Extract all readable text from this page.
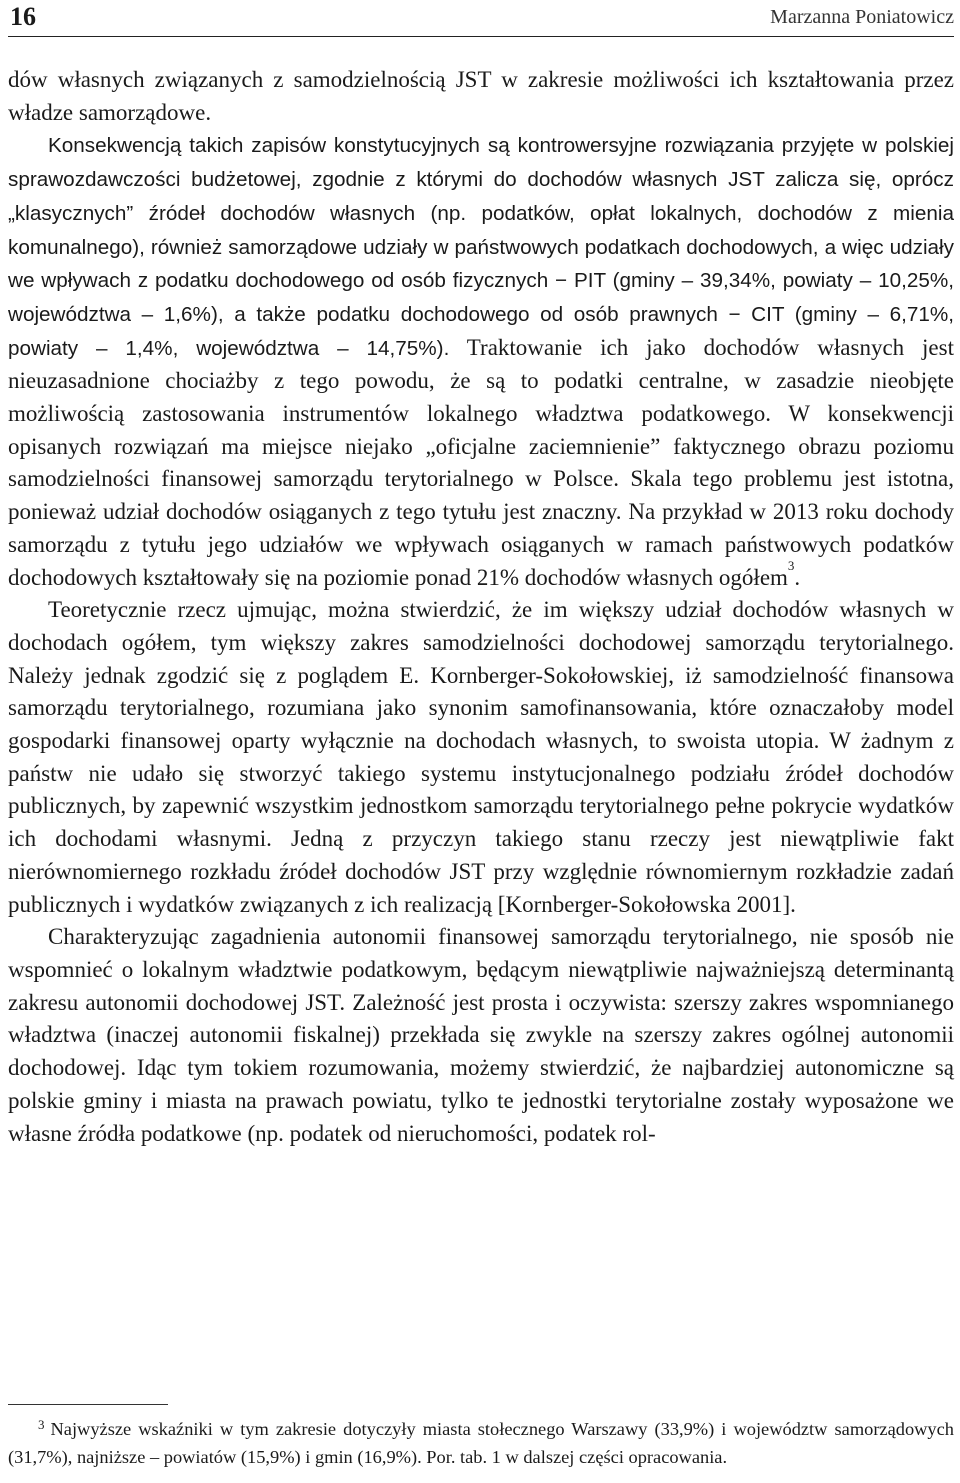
16	Marzanna Poniatowicz

dów własnych związanych z samodzielnością JST w zakresie możliwości ich kształtowania przez władze samorządowe.

Konsekwencją takich zapisów konstytucyjnych są kontrowersyjne rozwiązania przyjęte w polskiej sprawozdawczości budżetowej, zgodnie z którymi do dochodów własnych JST zalicza się, oprócz „klasycznych” źródeł dochodów własnych (np. podatków, opłat lokalnych, dochodów z mienia komunalnego), również samorządowe udziały w państwowych podatkach dochodowych, a więc udziały we wpływach z podatku dochodowego od osób fizycznych − PIT (gminy – 39,34%, powiaty – 10,25%, województwa – 1,6%), a także podatku dochodowego od osób prawnych − CIT (gminy – 6,71%, powiaty – 1,4%, województwa – 14,75%). Traktowanie ich jako dochodów własnych jest nieuzasadnione chociażby z tego powodu, że są to podatki centralne, w zasadzie nieobjęte możliwością zastosowania instrumentów lokalnego władztwa podatkowego. W konsekwencji opisanych rozwiązań ma miejsce niejako „oficjalne zaciemnienie” faktycznego obrazu poziomu samodzielności finansowej samorządu terytorialnego w Polsce. Skala tego problemu jest istotna, ponieważ udział dochodów osiąganych z tego tytułu jest znaczny. Na przykład w 2013 roku dochody samorządu z tytułu jego udziałów we wpływach osiąganych w ramach państwowych podatków dochodowych kształtowały się na poziomie ponad 21% dochodów własnych ogółem$^3$.

Teoretycznie rzecz ujmując, można stwierdzić, że im większy udział dochodów własnych w dochodach ogółem, tym większy zakres samodzielności dochodowej samorządu terytorialnego. Należy jednak zgodzić się z poglądem E. Kornberger-Sokołowskiej, iż samodzielność finansowa samorządu terytorialnego, rozumiana jako synonim samofinansowania, które oznaczałoby model gospodarki finansowej oparty wyłącznie na dochodach własnych, to swoista utopia. W żadnym z państw nie udało się stworzyć takiego systemu instytucjonalnego podziału źródeł dochodów publicznych, by zapewnić wszystkim jednostkom samorządu terytorialnego pełne pokrycie wydatków ich dochodami własnymi. Jedną z przyczyn takiego stanu rzeczy jest niewątpliwie fakt nierównomiernego rozkładu źródeł dochodów JST przy względnie równomiernym rozkładzie zadań publicznych i wydatków związanych z ich realizacją [Kornberger-Sokołowska 2001].

Charakteryzując zagadnienia autonomii finansowej samorządu terytorialnego, nie sposób nie wspomnieć o lokalnym władztwie podatkowym, będącym niewątpliwie najważniejszą determinantą zakresu autonomii dochodowej JST. Zależność jest prosta i oczywista: szerszy zakres wspomnianego władztwa (inaczej autonomii fiskalnej) przekłada się zwykle na szerszy zakres ogólnej autonomii dochodowej. Idąc tym tokiem rozumowania, możemy stwierdzić, że najbardziej autonomiczne są polskie gminy i miasta na prawach powiatu, tylko te jednostki terytorialne zostały wyposażone we własne źródła podatkowe (np. podatek od nieruchomości, podatek rol-

$^3$ Najwyższe wskaźniki w tym zakresie dotyczyły miasta stołecznego Warszawy (33,9%) i województw samorządowych (31,7%), najniższe – powiatów (15,9%) i gmin (16,9%). Por. tab. 1 w dalszej części opracowania.
